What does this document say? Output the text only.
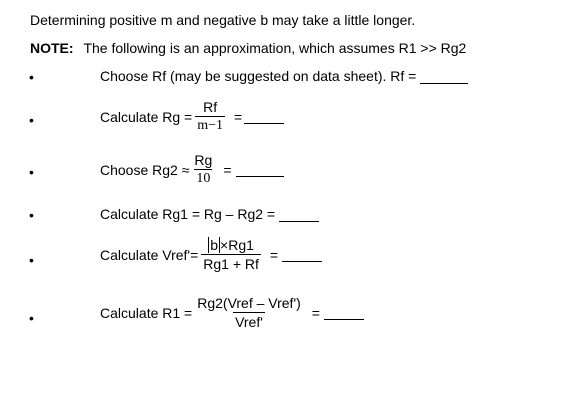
Determining positive m and negative b may take a little longer.
NOTE: The following is an approximation, which assumes R1 >> Rg2
•	Choose Rf (may be suggested on data sheet). Rf =
•	Calculate $Rg = \frac{Rf}{m-1}$ =
•	Choose $Rg2 \approx \frac{Rg}{10}$ =
•	Calculate Rg1 = Rg – Rg2 =
•	Calculate Vref'= $\frac{b \times Rg1}{Rg1 + Rf}$ =
•	Calculate $R1 = \frac{\text{Rg2(Vref – Vref')}}{\text{Vref'}}$ =
